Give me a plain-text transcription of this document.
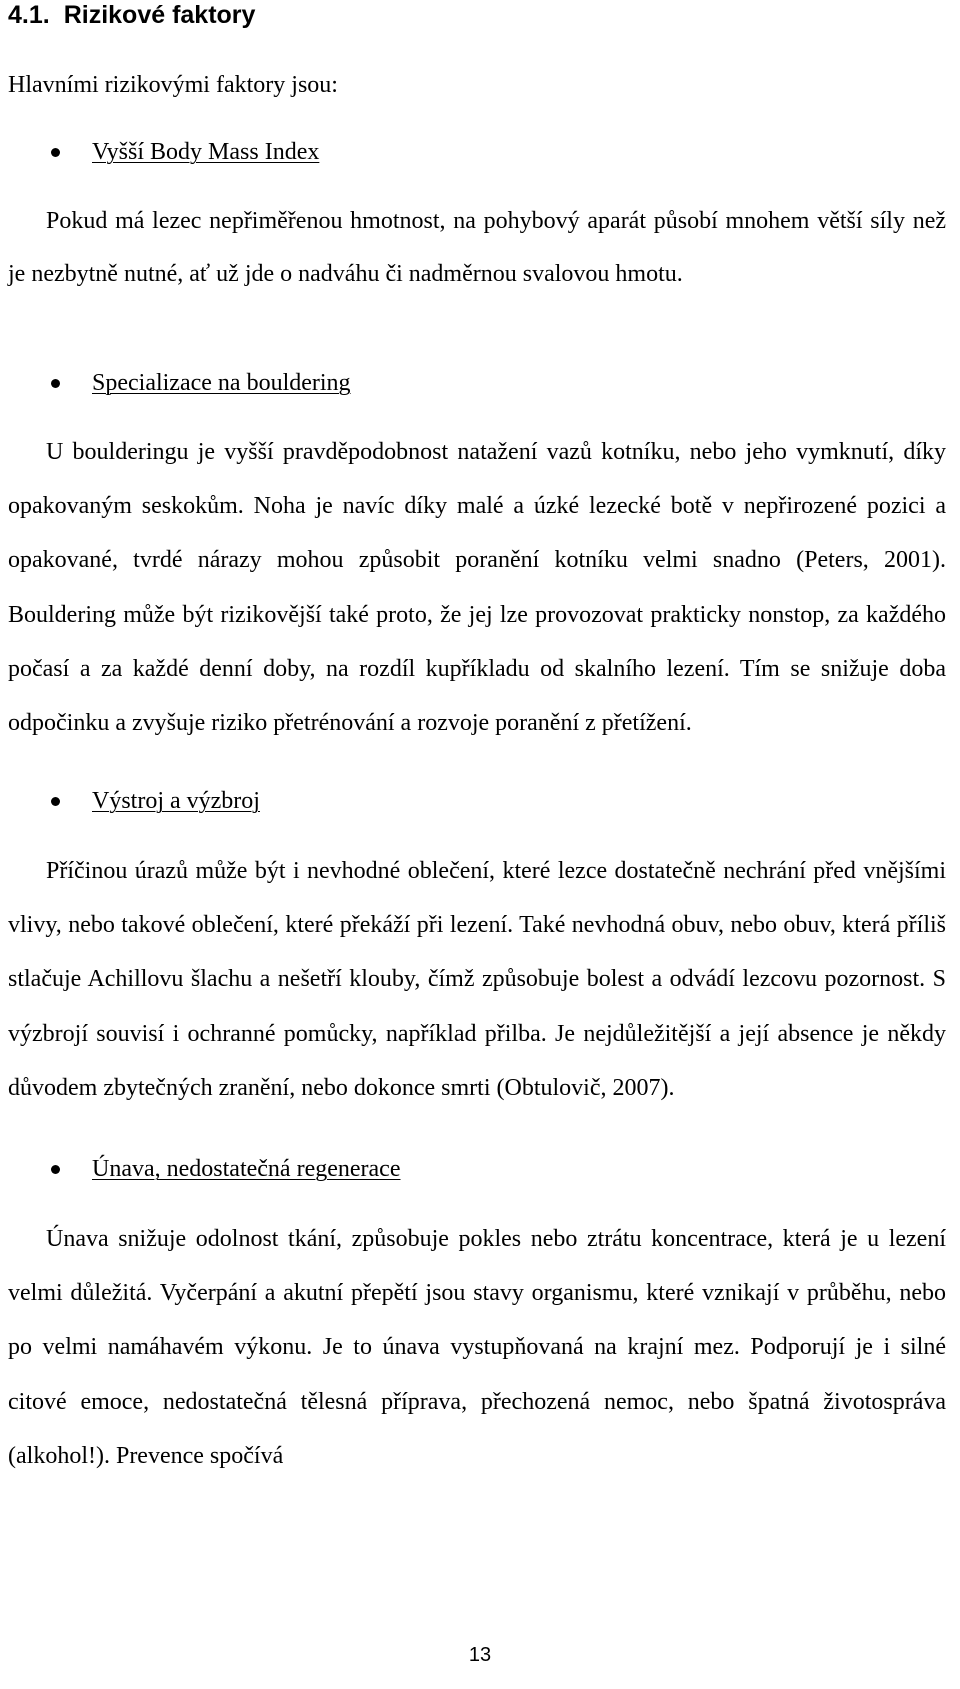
4.1. Rizikové faktory
Hlavními rizikovými faktory jsou:
Vyšší Body Mass Index

Pokud má lezec nepřiměřenou hmotnost, na pohybový aparát působí mnohem větší síly než je nezbytně nutné, ať už jde o nadváhu či nadměrnou svalovou hmotu.

Specializace na bouldering

U boulderingu je vyšší pravděpodobnost natažení vazů kotníku, nebo jeho vymknutí, díky opakovaným seskokům. Noha je navíc díky malé a úzké lezecké botě v nepřirozené pozici a opakované, tvrdé nárazy mohou způsobit poranění kotníku velmi snadno (Peters, 2001). Bouldering může být rizikovější také proto, že jej lze provozovat prakticky nonstop, za každého počasí a za každé denní doby, na rozdíl kupříkladu od skalního lezení. Tím se snižuje doba odpočinku a zvyšuje riziko přetrénování a rozvoje poranění z přetížení.

Výstroj a výzbroj

Příčinou úrazů může být i nevhodné oblečení, které lezce dostatečně nechrání před vnějšími vlivy, nebo takové oblečení, které překáží při lezení. Také nevhodná obuv, nebo obuv, která příliš stlačuje Achillovu šlachu a nešetří klouby, čímž způsobuje bolest a odvádí lezcovu pozornost. S výzbrojí souvisí i ochranné pomůcky, například přilba. Je nejdůležitější a její absence je někdy důvodem zbytečných zranění, nebo dokonce smrti (Obtulovič, 2007).

Únava, nedostatečná regenerace

Únava snižuje odolnost tkání, způsobuje pokles nebo ztrátu koncentrace, která je u lezení velmi důležitá. Vyčerpání a akutní přepětí jsou stavy organismu, které vznikají v průběhu, nebo po velmi namáhavém výkonu. Je to únava vystupňovaná na krajní mez. Podporují je i silné citové emoce, nedostatečná tělesná příprava, přechozená nemoc, nebo špatná životospráva (alkohol!). Prevence spočívá

13
